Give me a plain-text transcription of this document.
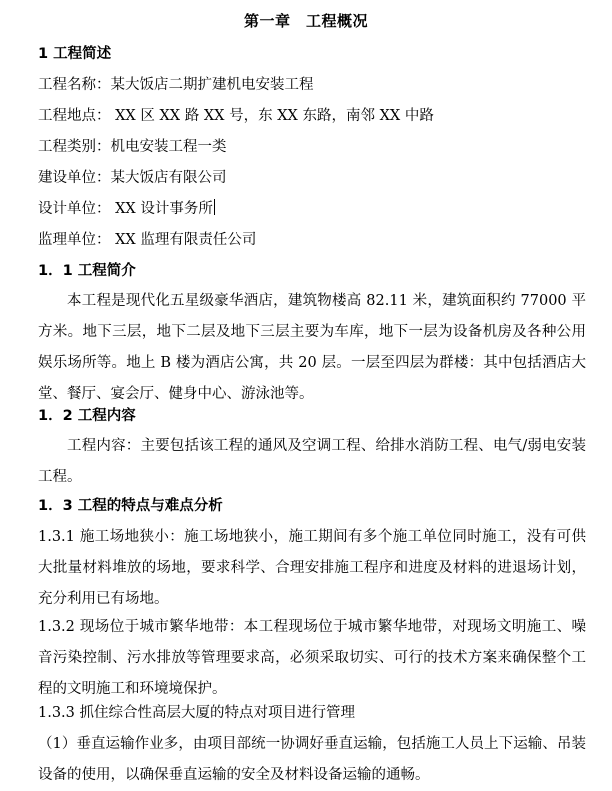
第一章　工程概况
1 工程简述
工程名称：某大饭店二期扩建机电安装工程
工程地点： XX 区 XX 路 XX 号，东 XX 东路，南邻 XX 中路
工程类别：机电安装工程一类
建设单位：某大饭店有限公司
设计单位： XX 设计事务所
监理单位： XX 监理有限责任公司
1．1 工程简介
本工程是现代化五星级豪华酒店，建筑物楼高 82.11 米，建筑面积约 77000 平方米。地下三层，地下二层及地下三层主要为车库，地下一层为设备机房及各种公用娱乐场所等。地上 B 楼为酒店公寓，共 20 层。一层至四层为群楼：其中包括酒店大堂、餐厅、宴会厅、健身中心、游泳池等。
1．2 工程内容
工程内容：主要包括该工程的通风及空调工程、给排水消防工程、电气/弱电安装工程。
1．3 工程的特点与难点分析
1.3.1 施工场地狭小：施工场地狭小，施工期间有多个施工单位同时施工，没有可供大批量材料堆放的场地，要求科学、合理安排施工程序和进度及材料的进退场计划，充分利用已有场地。
1.3.2 现场位于城市繁华地带：本工程现场位于城市繁华地带，对现场文明施工、噪音污染控制、污水排放等管理要求高，必须采取切实、可行的技术方案来确保整个工程的文明施工和环境境保护。
1.3.3 抓住综合性高层大厦的特点对项目进行管理
（1）垂直运输作业多，由项目部统一协调好垂直运输，包括施工人员上下运输、吊装设备的使用，以确保垂直运输的安全及材料设备运输的通畅。
